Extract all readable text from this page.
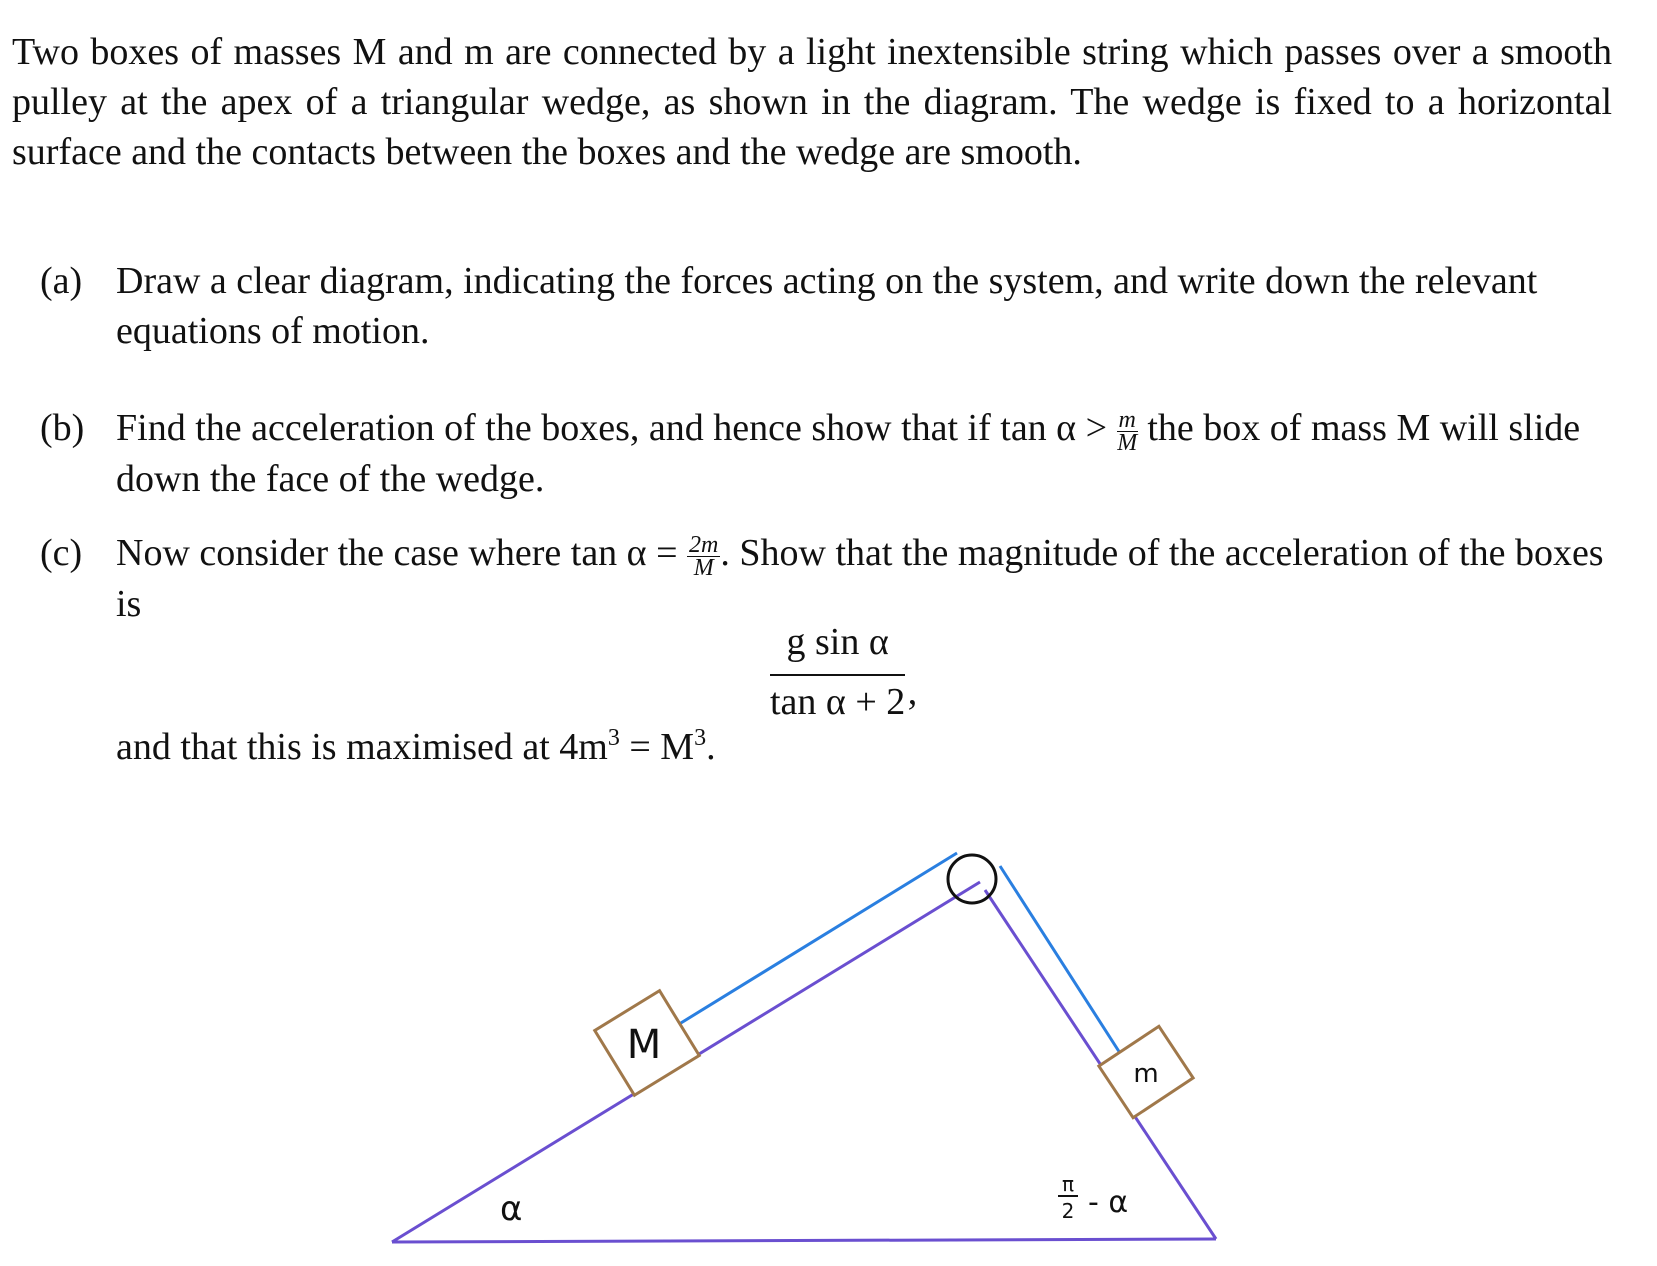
Two boxes of masses M and m are connected by a light inextensible string which passes over a smooth pulley at the apex of a triangular wedge, as shown in the diagram. The wedge is fixed to a horizontal surface and the contacts between the boxes and the wedge are smooth.
(a) Draw a clear diagram, indicating the forces acting on the system, and write down the relevant equations of motion.
(b) Find the acceleration of the boxes, and hence show that if $\tan \alpha > \frac{m}{M}$ the box of mass M will slide down the face of the wedge.
(c) Now consider the case where $\tan \alpha = \frac{2m}{M}$ . Show that the magnitude of the acceleration of the boxes is
g sin α
tan α + 2 ,
and that this is maximised at $4m^3 = M^3$.
M
m
α
π
2 - α
